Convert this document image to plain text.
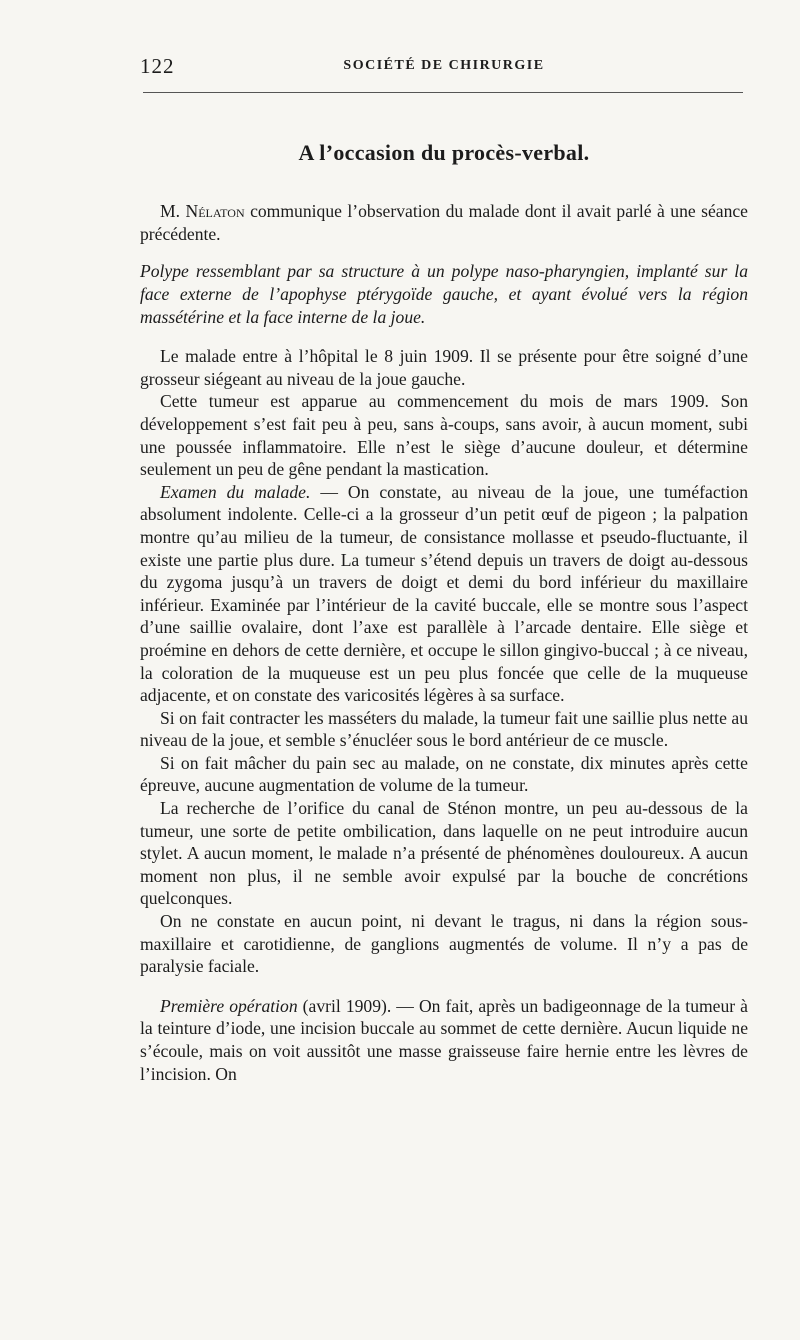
122	SOCIÉTÉ DE CHIRURGIE
A l’occasion du procès-verbal.

M. Nélaton communique l’observation du malade dont il avait parlé à une séance précédente.

Polype ressemblant par sa structure à un polype naso-pharyngien, implanté sur la face externe de l’apophyse ptérygoïde gauche, et ayant évolué vers la région massétérine et la face interne de la joue.

Le malade entre à l’hôpital le 8 juin 1909. Il se présente pour être soigné d’une grosseur siégeant au niveau de la joue gauche.

Cette tumeur est apparue au commencement du mois de mars 1909. Son développement s’est fait peu à peu, sans à-coups, sans avoir, à aucun moment, subi une poussée inflammatoire. Elle n’est le siège d’aucune douleur, et détermine seulement un peu de gêne pendant la mastication.

Examen du malade. — On constate, au niveau de la joue, une tuméfaction absolument indolente. Celle-ci a la grosseur d’un petit œuf de pigeon ; la palpation montre qu’au milieu de la tumeur, de consistance mollasse et pseudo-fluctuante, il existe une partie plus dure. La tumeur s’étend depuis un travers de doigt au-dessous du zygoma jusqu’à un travers de doigt et demi du bord inférieur du maxillaire inférieur. Examinée par l’intérieur de la cavité buccale, elle se montre sous l’aspect d’une saillie ovalaire, dont l’axe est parallèle à l’arcade dentaire. Elle siège et proémine en dehors de cette dernière, et occupe le sillon gingivo-buccal ; à ce niveau, la coloration de la muqueuse est un peu plus foncée que celle de la muqueuse adjacente, et on constate des varicosités légères à sa surface.

Si on fait contracter les masséters du malade, la tumeur fait une saillie plus nette au niveau de la joue, et semble s’énucléer sous le bord antérieur de ce muscle.

Si on fait mâcher du pain sec au malade, on ne constate, dix minutes après cette épreuve, aucune augmentation de volume de la tumeur.

La recherche de l’orifice du canal de Sténon montre, un peu au-dessous de la tumeur, une sorte de petite ombilication, dans laquelle on ne peut introduire aucun stylet. A aucun moment, le malade n’a présenté de phénomènes douloureux. A aucun moment non plus, il ne semble avoir expulsé par la bouche de concrétions quelconques.

On ne constate en aucun point, ni devant le tragus, ni dans la région sous-maxillaire et carotidienne, de ganglions augmentés de volume. Il n’y a pas de paralysie faciale.

Première opération (avril 1909). — On fait, après un badigeonnage de la tumeur à la teinture d’iode, une incision buccale au sommet de cette dernière. Aucun liquide ne s’écoule, mais on voit aussitôt une masse graisseuse faire hernie entre les lèvres de l’incision. On
